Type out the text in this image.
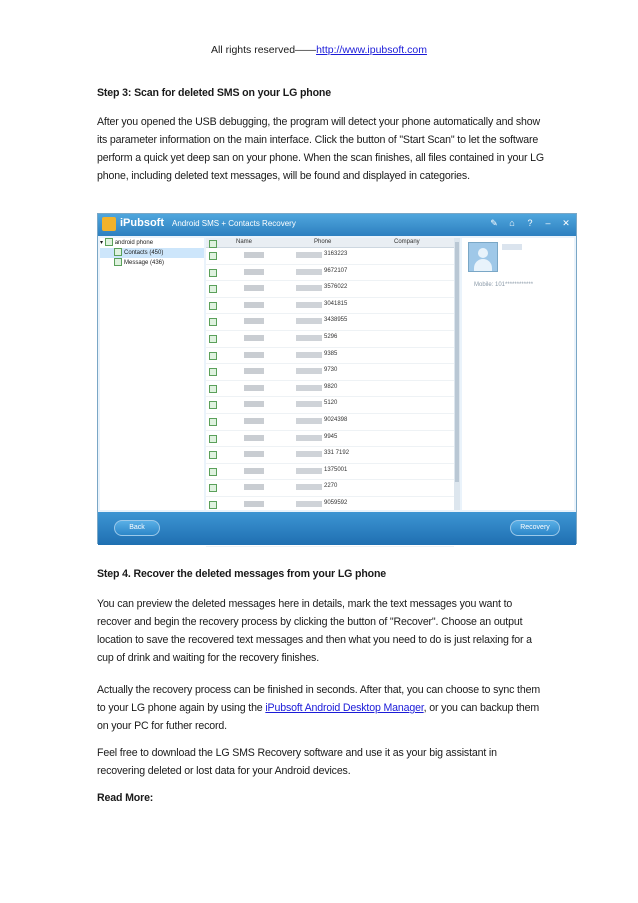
All rights reserved——http://www.ipubsoft.com
Step 3: Scan for deleted SMS on your LG phone
After you opened the USB debugging, the program will detect your phone automatically and show its parameter information on the main interface. Click the button of "Start Scan" to let the software perform a quick yet deep san on your phone. When the scan finishes, all files contained in your LG phone, including deleted text messages, will be found and displayed in categories.
iPubsoft Android SMS + Contacts Recovery	✎	⌂	?	–	✕
▾ android phone
Contacts (450)
Message (436)
Name	Phone	Company
3163223
9672107
3576022
3041815
3438955
5296
9385
9730
9820
5120
9024398
9945
331 7192
1375001
2270
9059592
Mobile: 101************
Back	Recovery
Step 4. Recover the deleted messages from your LG phone
You can preview the deleted messages here in details, mark the text messages you want to recover and begin the recovery process by clicking the button of "Recover". Choose an output location to save the recovered text messages and then what you need to do is just relaxing for a cup of drink and waiting for the recovery finishes.
Actually the recovery process can be finished in seconds. After that, you can choose to sync them to your LG phone again by using the iPubsoft Android Desktop Manager, or you can backup them on your PC for futher record.
Feel free to download the LG SMS Recovery software and use it as your big assistant in recovering deleted or lost data for your Android devices.
Read More:
